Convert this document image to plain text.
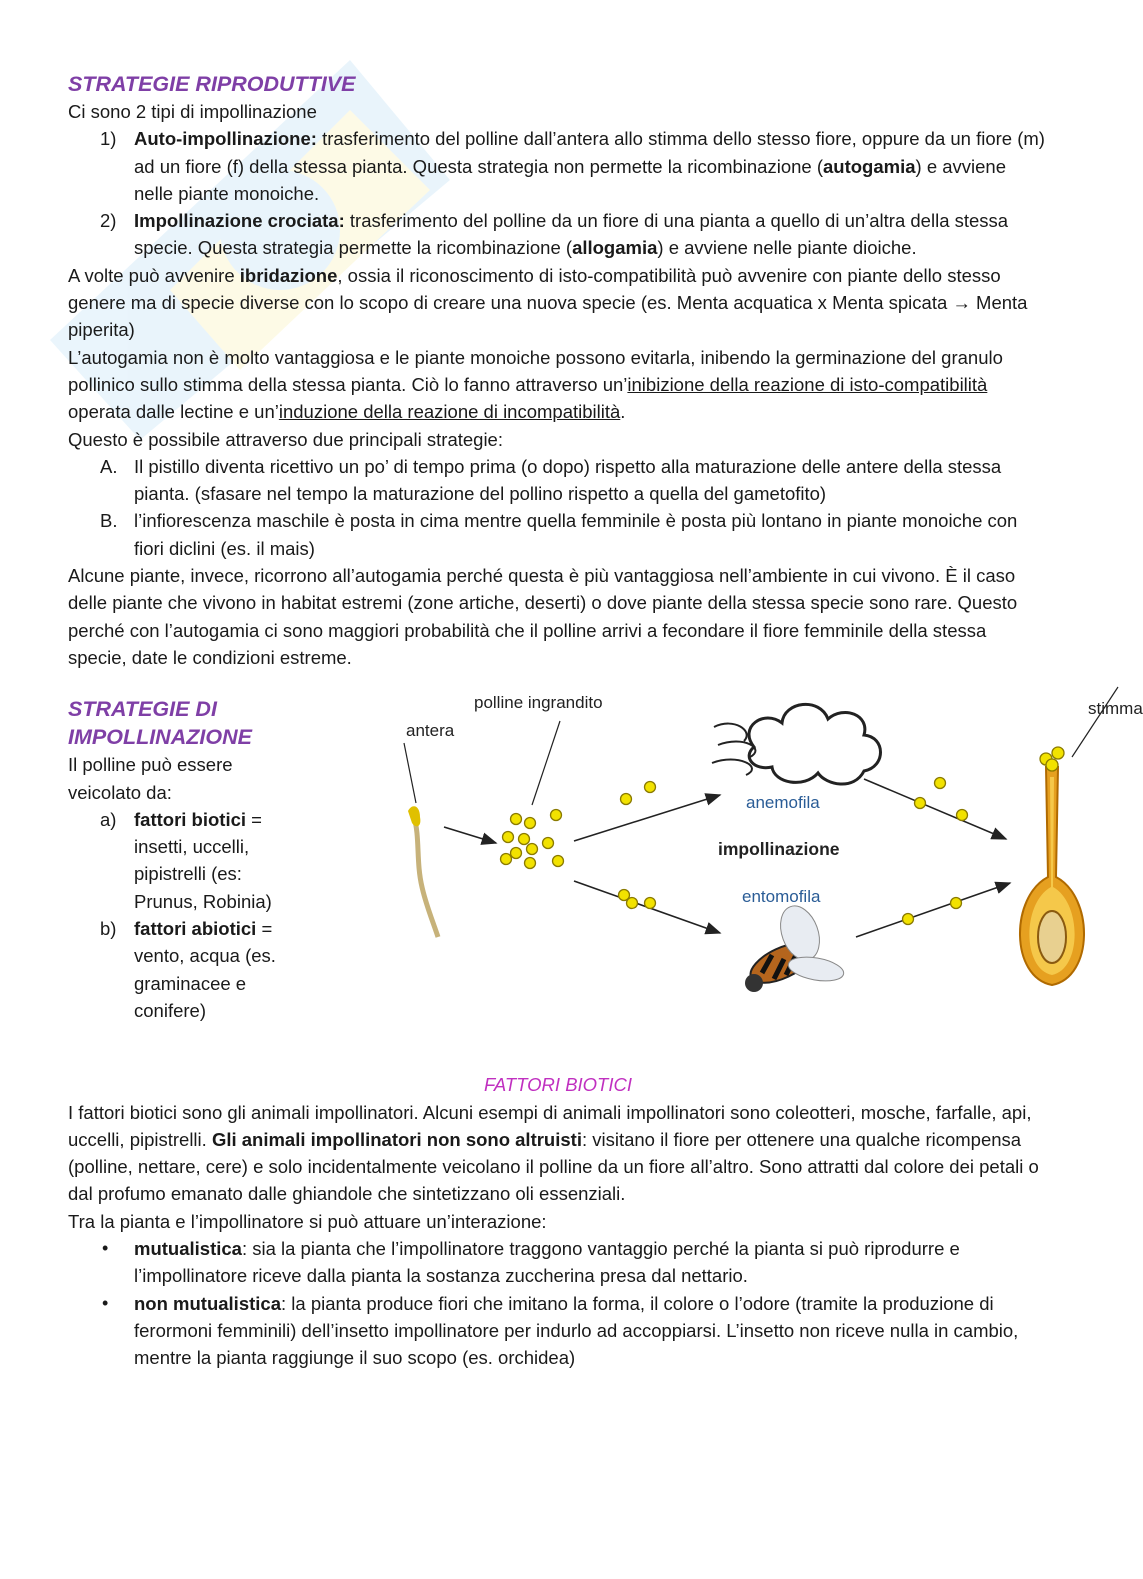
STRATEGIE RIPRODUTTIVE

Ci sono 2 tipi di impollinazione

1) Auto-impollinazione: trasferimento del polline dall’antera allo stimma dello stesso fiore, oppure da un fiore (m) ad un fiore (f) della stessa pianta. Questa strategia non permette la ricombinazione (autogamia) e avviene nelle piante monoiche.
2) Impollinazione crociata: trasferimento del polline da un fiore di una pianta a quello di un’altra della stessa specie. Questa strategia permette la ricombinazione (allogamia) e avviene nelle piante dioiche.

A volte può avvenire ibridazione, ossia il riconoscimento di isto-compatibilità può avvenire con piante dello stesso genere ma di specie diverse con lo scopo di creare una nuova specie (es. Menta acquatica x Menta spicata → Menta piperita)

L’autogamia non è molto vantaggiosa e le piante monoiche possono evitarla, inibendo la germinazione del granulo pollinico sullo stimma della stessa pianta. Ciò lo fanno attraverso un’inibizione della reazione di isto-compatibilità operata dalle lectine e un’induzione della reazione di incompatibilità.

Questo è possibile attraverso due principali strategie:

A. Il pistillo diventa ricettivo un po’ di tempo prima (o dopo) rispetto alla maturazione delle antere della stessa pianta. (sfasare nel tempo la maturazione del pollino rispetto a quella del gametofito)
B. l’infiorescenza maschile è posta in cima mentre quella femminile è posta più lontano in piante monoiche con fiori diclini (es. il mais)

Alcune piante, invece, ricorrono all’autogamia perché questa è più vantaggiosa nell’ambiente in cui vivono. È il caso delle piante che vivono in habitat estremi (zone artiche, deserti) o dove piante della stessa specie sono rare. Questo perché con l’autogamia ci sono maggiori probabilità che il polline arrivi a fecondare il fiore femminile della stessa specie, date le condizioni estreme.

STRATEGIE DI
IMPOLLINAZIONE

Il polline può essere veicolato da:

a) fattori biotici = insetti, uccelli, pipistrelli (es: Prunus, Robinia)
b) fattori abiotici = vento, acqua (es. graminacee e conifere)
polline ingrandito
antera
stimma
anemofila
impollinazione
entomofila
FATTORI BIOTICI

I fattori biotici sono gli animali impollinatori. Alcuni esempi di animali impollinatori sono coleotteri, mosche, farfalle, api, uccelli, pipistrelli. Gli animali impollinatori non sono altruisti: visitano il fiore per ottenere una qualche ricompensa (polline, nettare, cere) e solo incidentalmente veicolano il polline da un fiore all’altro. Sono attratti dal colore dei petali o dal profumo emanato dalle ghiandole che sintetizzano oli essenziali.

Tra la pianta e l’impollinatore si può attuare un’interazione:

• mutualistica: sia la pianta che l’impollinatore traggono vantaggio perché la pianta si può riprodurre e l’impollinatore riceve dalla pianta la sostanza zuccherina presa dal nettario.
• non mutualistica: la pianta produce fiori che imitano la forma, il colore o l’odore (tramite la produzione di ferormoni femminili) dell’insetto impollinatore per indurlo ad accoppiarsi. L’insetto non riceve nulla in cambio, mentre la pianta raggiunge il suo scopo (es. orchidea)
